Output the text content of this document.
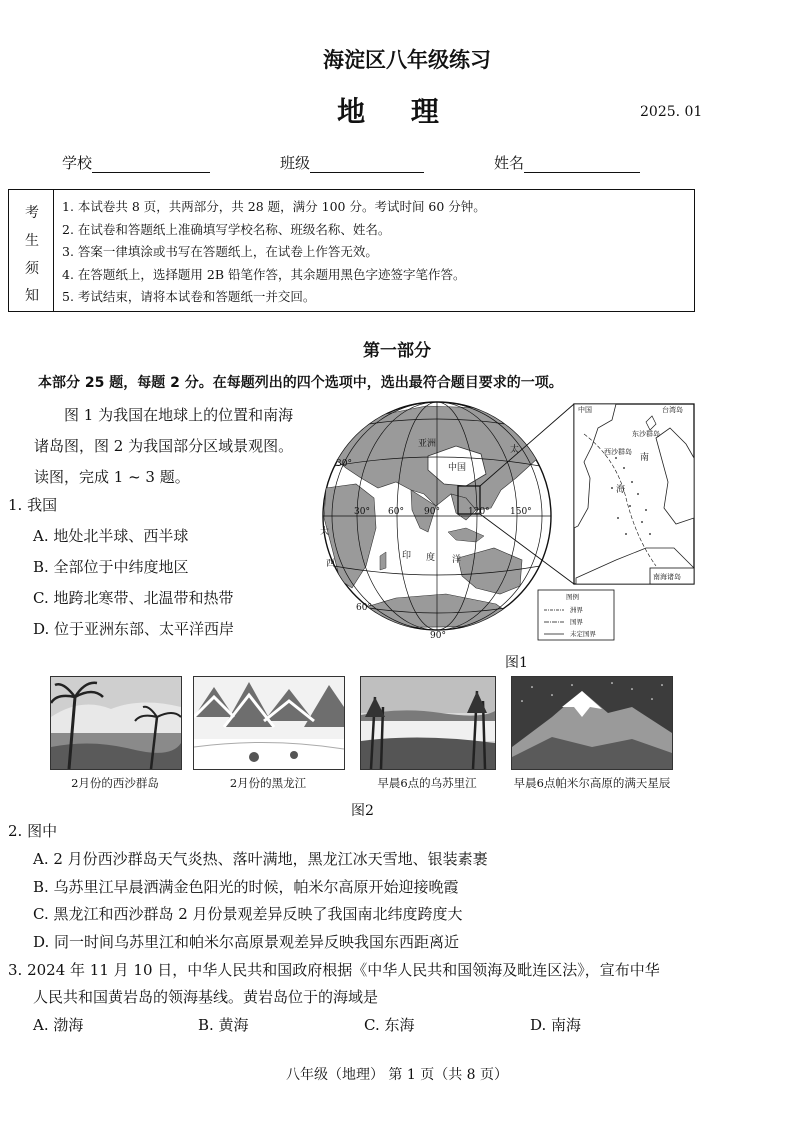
海淀区八年级练习
地 理	2025. 01
学校	班级	姓名
考
生
须
知
1. 本试卷共 8 页，共两部分，共 28 题，满分 100 分。考试时间 60 分钟。
2. 在试卷和答题纸上准确填写学校名称、班级名称、姓名。
3. 答案一律填涂或书写在答题纸上，在试卷上作答无效。
4. 在答题纸上，选择题用 2B 铅笔作答，其余题用黑色字迹签字笔作答。
5. 考试结束，请将本试卷和答题纸一并交回。
第一部分
本部分 25 题，每题 2 分。在每题列出的四个选项中，选出最符合题目要求的一项。
图 1 为我国在地球上的位置和南海诸岛图，图 2 为我国部分区域景观图。读图，完成 1 ~ 3 题。
亚洲
中国
太
印 度 洋
大
西
30°
30° 60° 90°	120° 150°
90°
60°
中国	台湾岛
东沙群岛
西沙群岛
南
海
南海诸岛
图例
洲界
国界
未定国界
图1
1. 我国
A. 地处北半球、西半球
B. 全部位于中纬度地区
C. 地跨北寒带、北温带和热带
D. 位于亚洲东部、太平洋西岸
2月份的西沙群岛	2月份的黑龙江	早晨6点的乌苏里江	早晨6点帕米尔高原的满天星辰
图2
2. 图中
A. 2 月份西沙群岛天气炎热、落叶满地，黑龙江冰天雪地、银装素裹
B. 乌苏里江早晨洒满金色阳光的时候，帕米尔高原开始迎接晚霞
C. 黑龙江和西沙群岛 2 月份景观差异反映了我国南北纬度跨度大
D. 同一时间乌苏里江和帕米尔高原景观差异反映我国东西距离近
3. 2024 年 11 月 10 日，中华人民共和国政府根据《中华人民共和国领海及毗连区法》，宣布中华
人民共和国黄岩岛的领海基线。黄岩岛位于的海域是
A. 渤海	B. 黄海	C. 东海	D. 南海
八年级（地理） 第 1 页（共 8 页）
